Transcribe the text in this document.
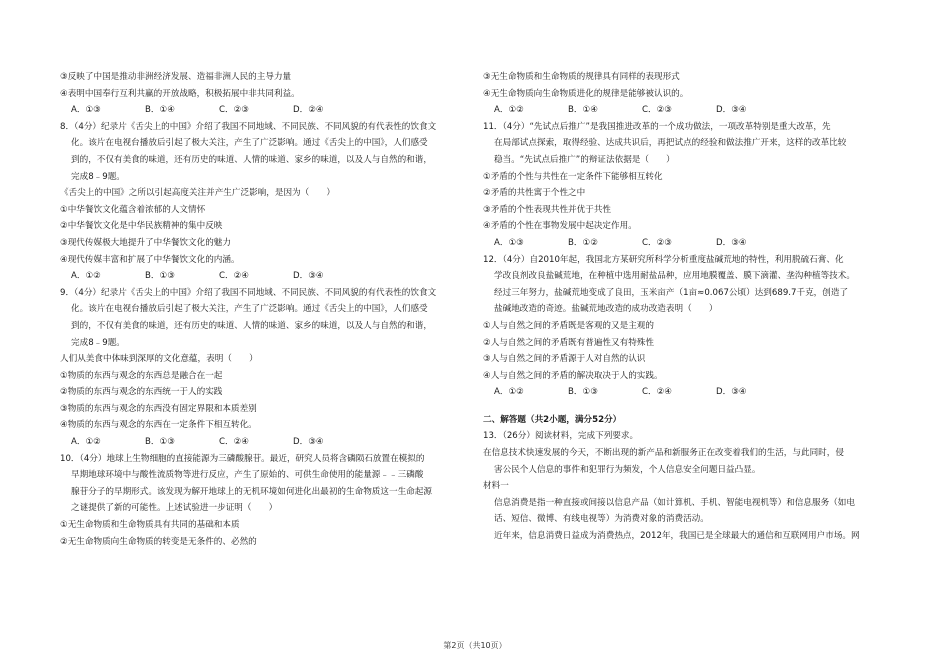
③反映了中国是推动非洲经济发展、造福非洲人民的主导力量
④表明中国奉行互利共赢的开放战略，积极拓展中非共同利益。
A．①③	B．①④	C．②③	D．②④
8．（4分）纪录片《舌尖上的中国》介绍了我国不同地域、不同民族、不同风貌的有代表性的饮食文
化。该片在电视台播放后引起了极大关注，产生了广泛影响。通过《舌尖上的中国》，人们感受
到的，不仅有美食的味道，还有历史的味道、人情的味道、家乡的味道，以及人与自然的和谐，
完成8﹣9题。
《舌尖上的中国》之所以引起高度关注并产生广泛影响，是因为（　　）
①中华餐饮文化蕴含着浓郁的人文情怀
②中华餐饮文化是中华民族精神的集中反映
③现代传媒极大地提升了中华餐饮文化的魅力
④现代传媒丰富和扩展了中华餐饮文化的内涵。
A．①②	B．①③	C．②④	D．③④
9．（4分）纪录片《舌尖上的中国》介绍了我国不同地域、不同民族、不同风貌的有代表性的饮食文
化。该片在电视台播放后引起了极大关注，产生了广泛影响。通过《舌尖上的中国》，人们感受
到的，不仅有美食的味道，还有历史的味道、人情的味道、家乡的味道，以及人与自然的和谐，
完成8﹣9题。
人们从美食中体味到深厚的文化意蕴，表明（　　）
①物质的东西与观念的东西总是融合在一起
②物质的东西与观念的东西统一于人的实践
③物质的东西与观念的东西没有固定界限和本质差别
④物质的东西与观念的东西在一定条件下相互转化。
A．①②	B．①③	C．②④	D．③④
10．（4分）地球上生物细胞的直接能源为三磷酸腺苷。最近，研究人员将含磷陨石放置在模拟的
早期地球环境中与酸性流质物等进行反应，产生了原始的、可供生命使用的能量源﹣﹣三磷酸
腺苷分子的早期形式。该发现为解开地球上的无机环境如何进化出最初的生命物质这一生命起源
之谜提供了新的可能性。上述试验进一步证明（　　）
①无生命物质和生命物质具有共同的基础和本质
②无生命物质向生命物质的转变是无条件的、必然的
③无生命物质和生命物质的规律具有同样的表现形式
④无生命物质向生命物质进化的规律是能够被认识的。
A．①②	B．①④	C．②③	D．③④
11．（4分）“先试点后推广”是我国推进改革的一个成功做法，一项改革特别是重大改革，先
在局部试点探索，取得经验、达成共识后，再把试点的经验和做法推广开来，这样的改革比较
稳当。“先试点后推广”的辩证法依据是（　　）
①矛盾的个性与共性在一定条件下能够相互转化
②矛盾的共性寓于个性之中
③矛盾的个性表现共性并优于共性
④矛盾的个性在事物发展中起决定作用。
A．①③	B．①②	C．②③	D．③④
12．（4分）自2010年起，我国北方某研究所科学分析重度盐碱荒地的特性，利用脱硫石膏、化
学改良剂改良盐碱荒地，在种植中选用耐盐品种，应用地膜覆盖、膜下滴灌、垄沟种植等技术。
经过三年努力，盐碱荒地变成了良田，玉米亩产（1亩≈0.067公顷）达到689.7千克，创造了
盐碱地改造的奇迹。盐碱荒地改造的成功改造表明（　　）
①人与自然之间的矛盾既是客观的又是主观的
②人与自然之间的矛盾既有普遍性又有特殊性
③人与自然之间的矛盾源于人对自然的认识
④人与自然之间的矛盾的解决取决于人的实践。
A．①②	B．①③	C．②④	D．③④
二、解答题（共2小题，满分52分）
13．（26分）阅读材料，完成下列要求。
在信息技术快速发展的今天，不断出现的新产品和新服务正在改变着我们的生活，与此同时，侵
害公民个人信息的事件和犯罪行为频发，个人信息安全问题日益凸显。
材料一
信息消费是指一种直接或间接以信息产品（如计算机、手机、智能电视机等）和信息服务（如电
话、短信、微博、有线电视等）为消费对象的消费活动。
近年来，信息消费日益成为消费热点，2012年，我国已是全球最大的通信和互联网用户市场。网
第2页（共10页）
